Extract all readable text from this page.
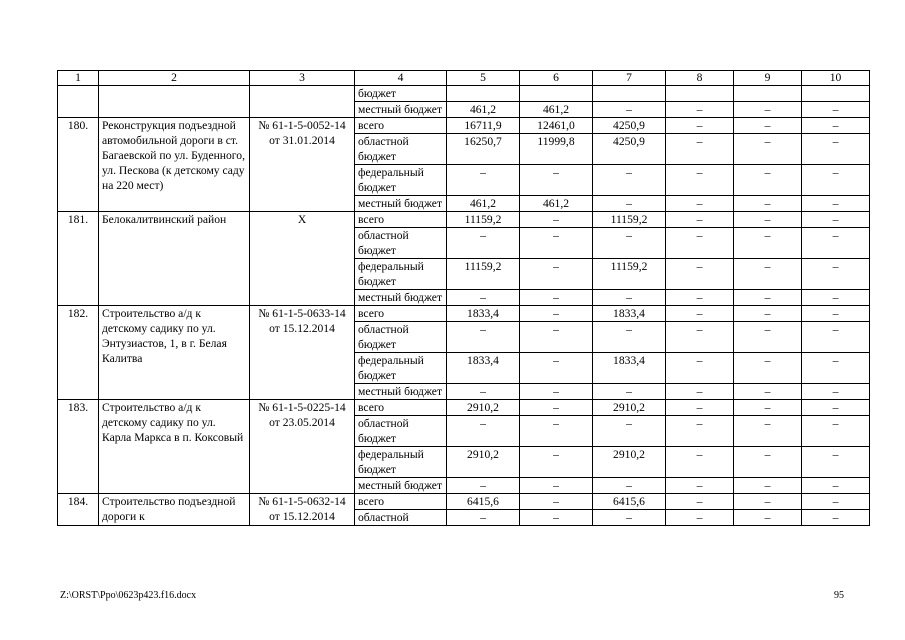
1	2	3	4	5	6	7	8	9	10
			бюджет						
			местный бюджет	461,2	461,2	–	–	–	–
180.	Реконструкция подъездной автомобильной дороги в ст. Багаевской по ул. Буденного, ул. Пескова (к детскому саду на 220 мест)	№ 61-1-5-0052-14 от 31.01.2014	всего	16711,9	12461,0	4250,9	–	–	–
			областной бюджет	16250,7	11999,8	4250,9	–	–	–
			федеральный бюджет	–	–	–	–	–	–
			местный бюджет	461,2	461,2	–	–	–	–
181.	Белокалитвинский район	Х	всего	11159,2	–	11159,2	–	–	–
			областной бюджет	–	–	–	–	–	–
			федеральный бюджет	11159,2	–	11159,2	–	–	–
			местный бюджет	–	–	–	–	–	–
182.	Строительство а/д к детскому садику по ул. Энтузиастов, 1, в г. Белая Калитва	№ 61-1-5-0633-14 от 15.12.2014	всего	1833,4	–	1833,4	–	–	–
			областной бюджет	–	–	–	–	–	–
			федеральный бюджет	1833,4	–	1833,4	–	–	–
			местный бюджет	–	–	–	–	–	–
183.	Строительство а/д к детскому садику по ул. Карла Маркса в п. Коксовый	№ 61-1-5-0225-14 от 23.05.2014	всего	2910,2	–	2910,2	–	–	–
			областной бюджет	–	–	–	–	–	–
			федеральный бюджет	2910,2	–	2910,2	–	–	–
			местный бюджет	–	–	–	–	–	–
184.	Строительство подъездной дороги к	№ 61-1-5-0632-14 от 15.12.2014	всего	6415,6	–	6415,6	–	–	–
			областной	–	–	–	–	–	–
Z:\ORST\Ppo\0623p423.f16.docx	95
